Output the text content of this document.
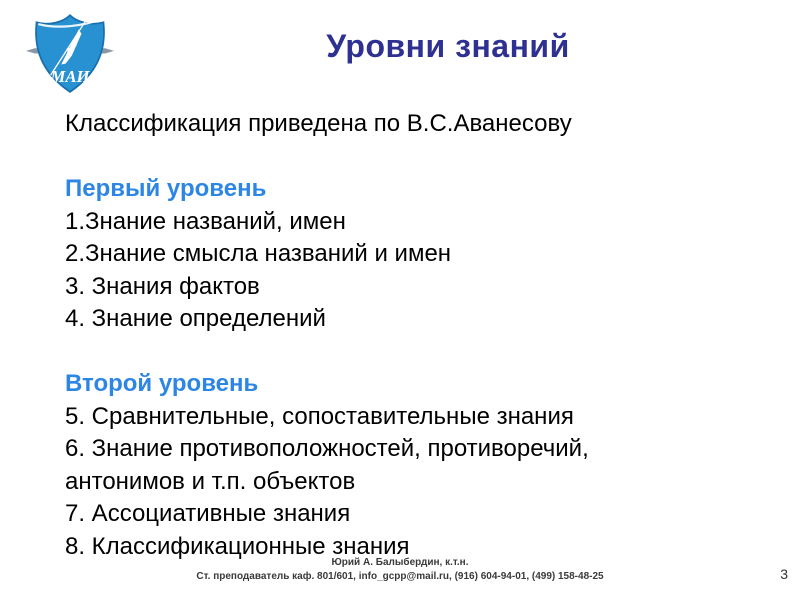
МАИ
Уровни знаний

Классификация приведена по В.С.Аванесову

Первый уровень

1.Знание названий, имен

2.Знание смысла названий и имен

3. Знания фактов

4. Знание определений

Второй уровень

5. Сравнительные, сопоставительные знания

6. Знание противоположностей, противоречий, антонимов и т.п. объектов

7. Ассоциативные знания

8. Классификационные знания

Юрий А. Балыбердин, к.т.н.
Ст. преподаватель каф. 801/601, info_gcpp@mail.ru, (916) 604-94-01, (499) 158-48-25	3
